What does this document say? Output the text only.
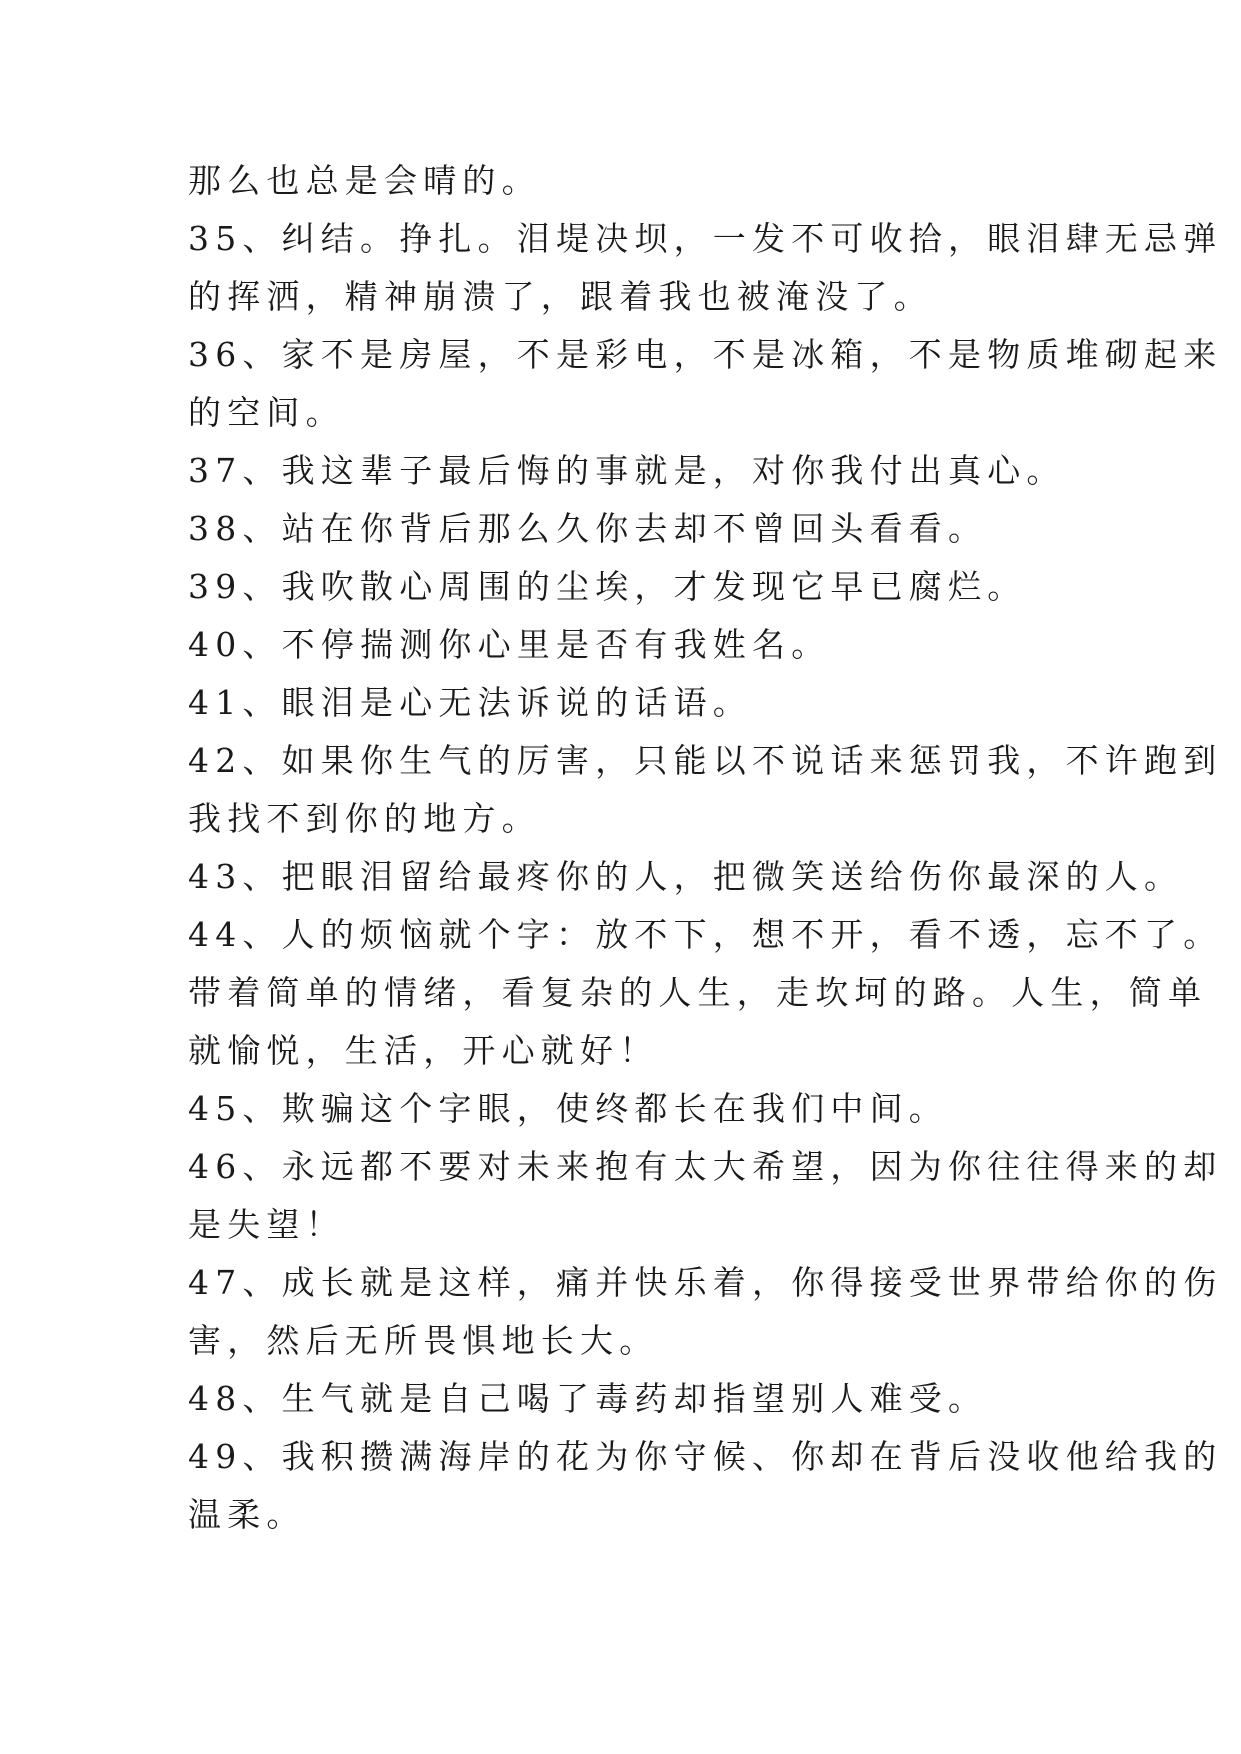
那么也总是会晴的。
35、纠结。挣扎。泪堤决坝，一发不可收拾，眼泪肆无忌弹
的挥洒，精神崩溃了，跟着我也被淹没了。
36、家不是房屋，不是彩电，不是冰箱，不是物质堆砌起来
的空间。
37、我这辈子最后悔的事就是，对你我付出真心。
38、站在你背后那么久你去却不曾回头看看。
39、我吹散心周围的尘埃，才发现它早已腐烂。
40、不停揣测你心里是否有我姓名。
41、眼泪是心无法诉说的话语。
42、如果你生气的厉害，只能以不说话来惩罚我，不许跑到
我找不到你的地方。
43、把眼泪留给最疼你的人，把微笑送给伤你最深的人。
44、人的烦恼就个字：放不下，想不开，看不透，忘不了。
带着简单的情绪，看复杂的人生，走坎坷的路。人生，简单
就愉悦，生活，开心就好！
45、欺骗这个字眼，使终都长在我们中间。
46、永远都不要对未来抱有太大希望，因为你往往得来的却
是失望！
47、成长就是这样，痛并快乐着，你得接受世界带给你的伤
害，然后无所畏惧地长大。
48、生气就是自己喝了毒药却指望别人难受。
49、我积攒满海岸的花为你守候、你却在背后没收他给我的
温柔。
